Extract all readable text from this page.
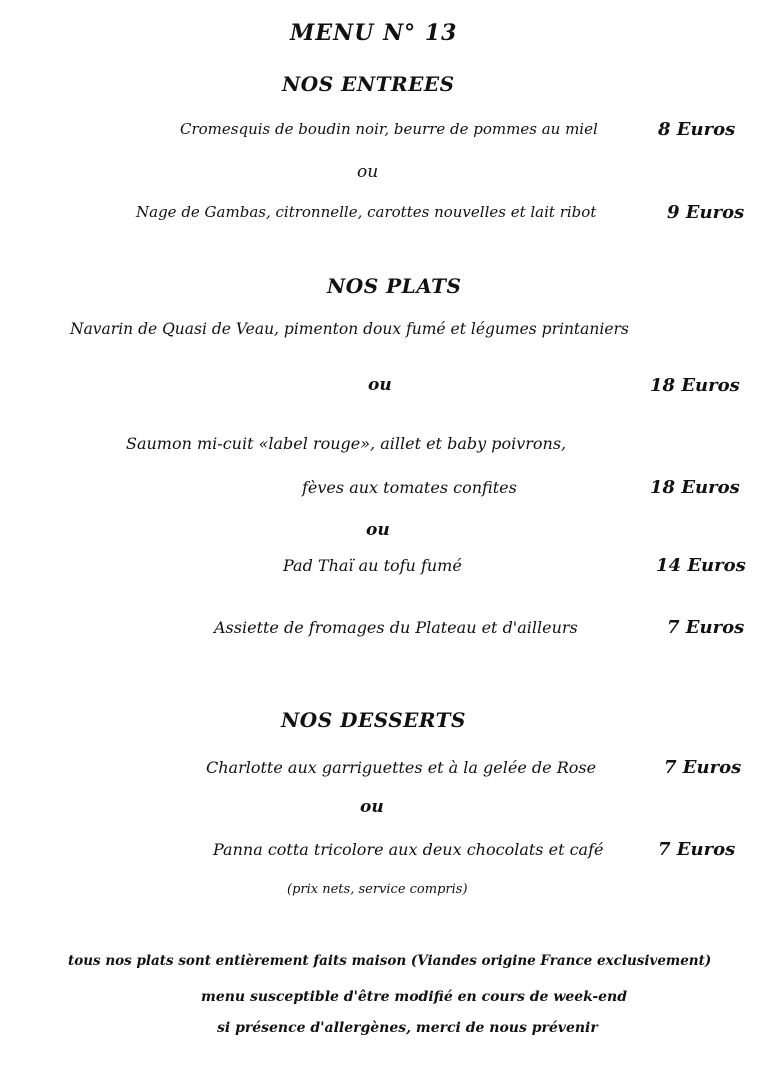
MENU N° 13
NOS ENTREES
Cromesquis de boudin noir, beurre de pommes au miel	8 Euros
ou
Nage de Gambas, citronnelle, carottes nouvelles et lait ribot	9 Euros
NOS PLATS
Navarin de Quasi de Veau, pimenton doux fumé et légumes printaniers
ou	18 Euros
Saumon mi-cuit «label rouge», aillet et baby poivrons,
fèves aux tomates confites	18 Euros
ou
Pad Thaï au tofu fumé	14 Euros
Assiette de fromages du Plateau et d'ailleurs	7 Euros
NOS DESSERTS
Charlotte aux garriguettes et à la gelée de Rose	7 Euros
ou
Panna cotta tricolore aux deux chocolats et café	7 Euros
(prix nets, service compris)
tous nos plats sont entièrement faits maison (Viandes origine France exclusivement)
menu susceptible d'être modifié en cours de week-end
si présence d'allergènes, merci de nous prévenir
